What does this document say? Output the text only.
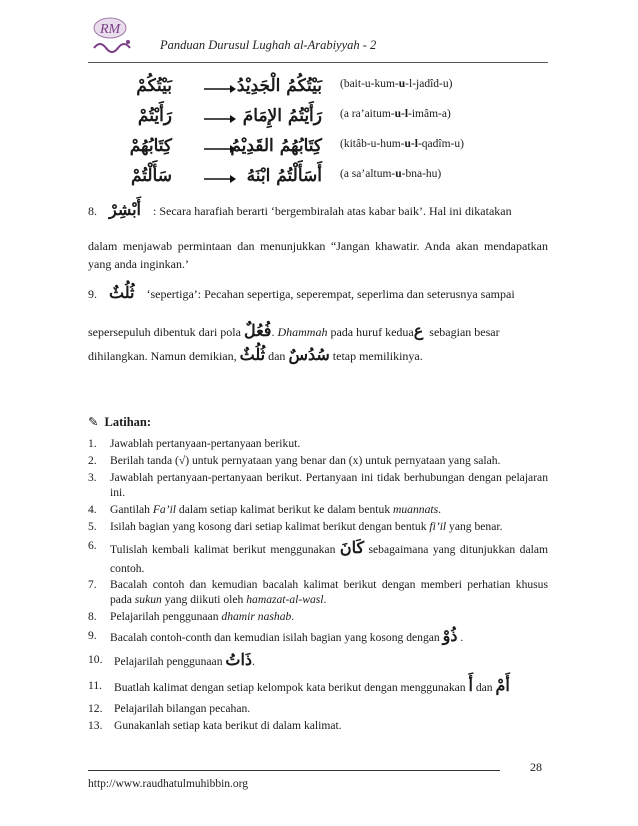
RM
Panduan Durusul Lughah al-Arabiyyah - 2
بَيْتُكُمْ	بَيْتُكُمُ الْجَدِيْدُ (bait-u-kum-u-l-jadîd-u)
رَأَيْتُمْ	رَأَيْتُمُ الإِمَامَ (a ra’aitum-u-l-imâm-a)
كِتَابُهُمْ	كِتَابُهُمُ القَدِيْمُ (kitâb-u-hum-u-l-qadîm-u)
سَأَلْتُمْ	أَسَأَلْتُمُ ابْنَهُ (a sa’altum-u-bna-hu)
8. أَبْشِرْ : Secara harafiah berarti ‘bergembiralah atas kabar baik’. Hal ini dikatakan
dalam menjawab permintaan dan menunjukkan “Jangan khawatir. Anda akan mendapatkan yang anda inginkan.’
9. ثُلُثٌ ‘sepertiga’: Pecahan sepertiga, seperempat, seperlima dan seterusnya sampai
sepersepuluh dibentuk dari pola فُعُلٌ. Dhammah pada huruf keduaع sebagian besar
dihilangkan. Namun demikian, ثُلُثٌ dan سُدُسٌ tetap memilikinya.
✎ Latihan:
1.	Jawablah pertanyaan-pertanyaan berikut.
2.	Berilah tanda (√) untuk pernyataan yang benar dan (x) untuk pernyataan yang salah.
3.	Jawablah pertanyaan-pertanyaan berikut. Pertanyaan ini tidak berhubungan dengan pelajaran ini.
4.	Gantilah Fa’il dalam setiap kalimat berikut ke dalam bentuk muannats.
5.	Isilah bagian yang kosong dari setiap kalimat berikut dengan bentuk fi’il yang benar.
6.	Tulislah kembali kalimat berikut menggunakan كَانَ sebagaimana yang ditunjukkan dalam contoh.
7.	Bacalah contoh dan kemudian bacalah kalimat berikut dengan memberi perhatian khusus pada sukun yang diikuti oleh hamazat-al-wasl.
8.	Pelajarilah penggunaan dhamir nashab.
9.	Bacalah contoh-conth dan kemudian isilah bagian yang kosong dengan ذُوْ .
10. Pelajarilah penggunaan ذَاتُ.
11.	Buatlah kalimat dengan setiap kelompok kata berikut dengan menggunakan أَ dan أَمْ
12. Pelajarilah bilangan pecahan.
13. Gunakanlah setiap kata berikut di dalam kalimat.
28
http://www.raudhatulmuhibbin.org
